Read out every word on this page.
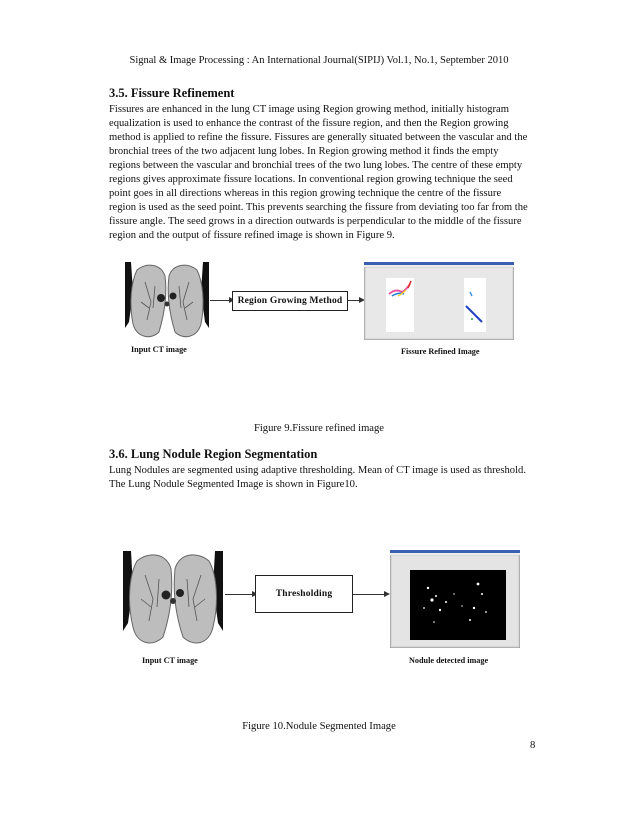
Signal & Image Processing : An International Journal(SIPIJ) Vol.1, No.1, September 2010
3.5. Fissure Refinement
Fissures are enhanced in the lung CT image using Region growing method, initially histogram
equalization is used to enhance the contrast of the fissure region, and then the Region growing
method is applied to refine the fissure. Fissures are generally situated between the vascular and the
bronchial trees of the two adjacent lung lobes. In Region growing method it finds the empty
regions between the vascular and bronchial trees of the two lung lobes. The centre of these empty
regions gives approximate fissure locations. In conventional region growing technique the seed
point goes in all directions whereas in this region growing technique the centre of the fissure
region is used as the seed point. This prevents searching the fissure from deviating too far from the
fissure angle. The seed grows in a direction outwards is perpendicular to the middle of the fissure
region and the output of fissure refined image is shown in Figure 9.
Region Growing Method
Input CT image	Fissure Refined Image
Figure 9.Fissure refined image
3.6. Lung Nodule Region Segmentation
Lung Nodules are segmented using adaptive thresholding. Mean of CT image is used as threshold.
The Lung Nodule Segmented Image is shown in Figure10.
Thresholding
Input CT image	Nodule detected image
Figure 10.Nodule Segmented Image
8
